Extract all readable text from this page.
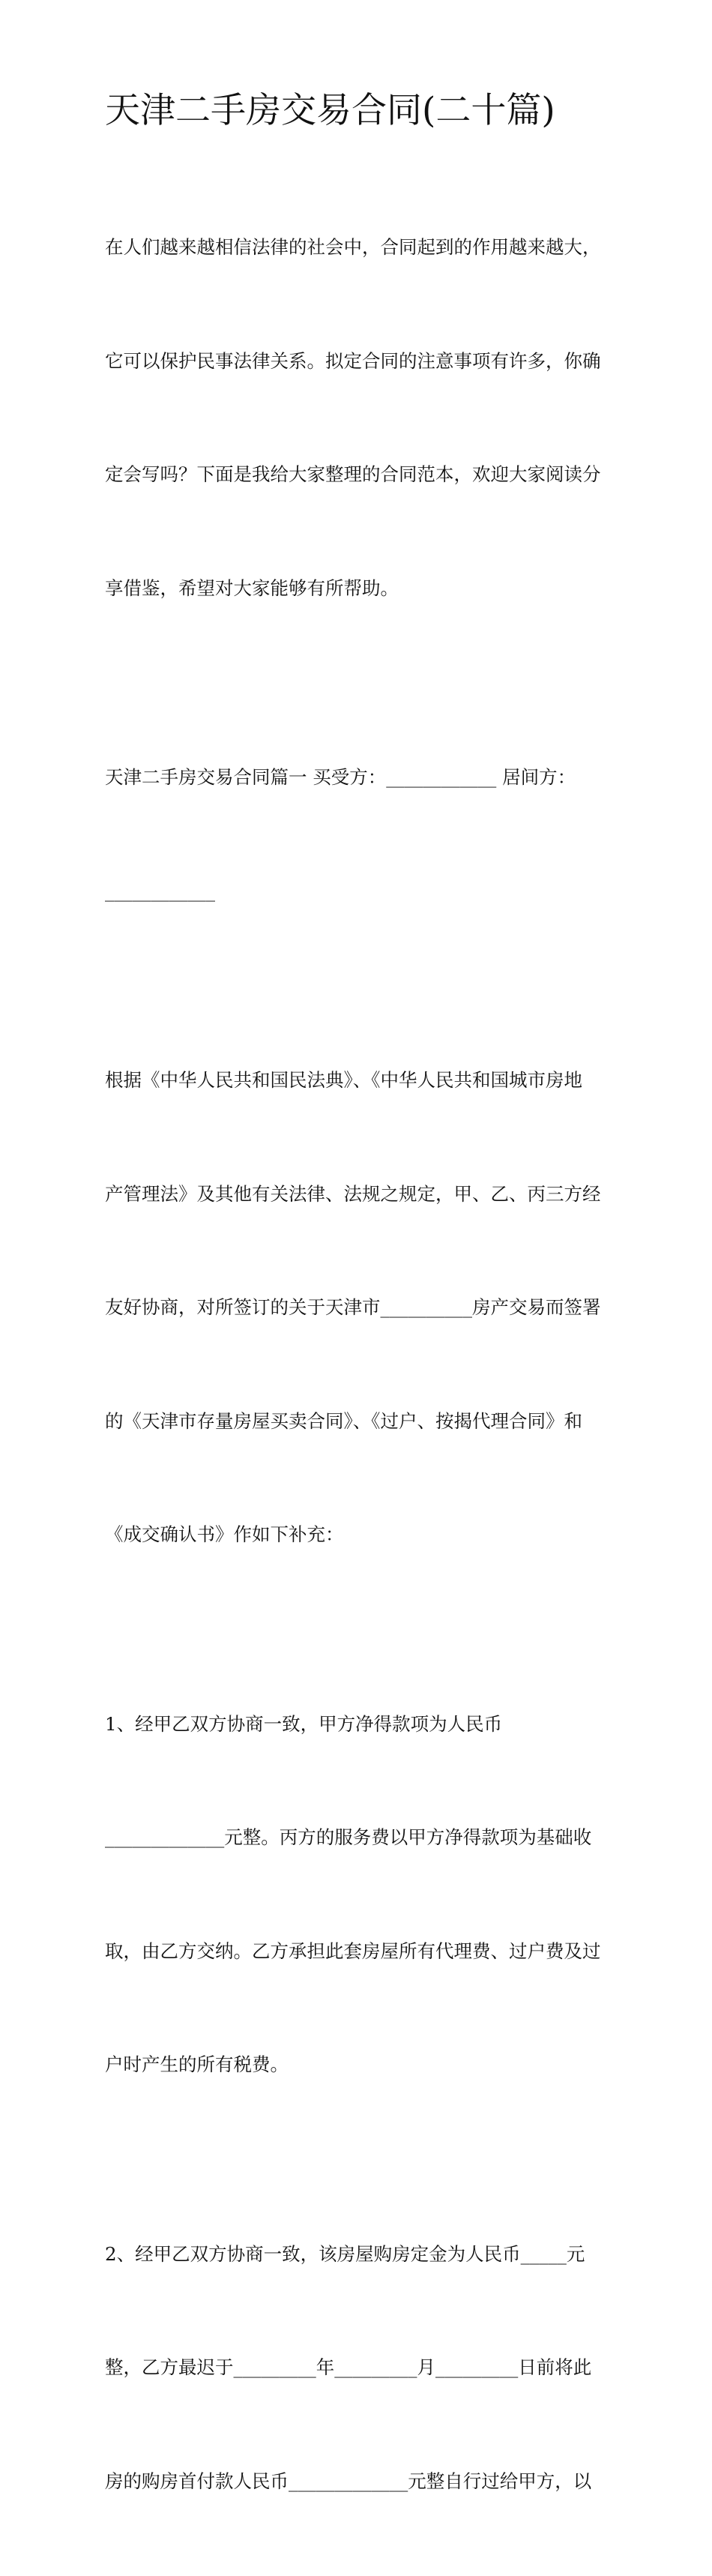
天津二手房交易合同(二十篇)

在人们越来越相信法律的社会中，合同起到的作用越来越大，

它可以保护民事法律关系。拟定合同的注意事项有许多，你确

定会写吗？下面是我给大家整理的合同范本，欢迎大家阅读分

享借鉴，希望对大家能够有所帮助。

天津二手房交易合同篇一 买受方：____________ 居间方：

____________

根据《中华人民共和国民法典》、《中华人民共和国城市房地

产管理法》及其他有关法律、法规之规定，甲、乙、丙三方经

友好协商，对所签订的关于天津市__________房产交易而签署

的《天津市存量房屋买卖合同》、《过户、按揭代理合同》和

《成交确认书》作如下补充：

1、经甲乙双方协商一致，甲方净得款项为人民币

_____________元整。丙方的服务费以甲方净得款项为基础收

取，由乙方交纳。乙方承担此套房屋所有代理费、过户费及过

户时产生的所有税费。

2、经甲乙双方协商一致，该房屋购房定金为人民币_____元

整，乙方最迟于_________年_________月_________日前将此

房的购房首付款人民币_____________元整自行过给甲方，以
